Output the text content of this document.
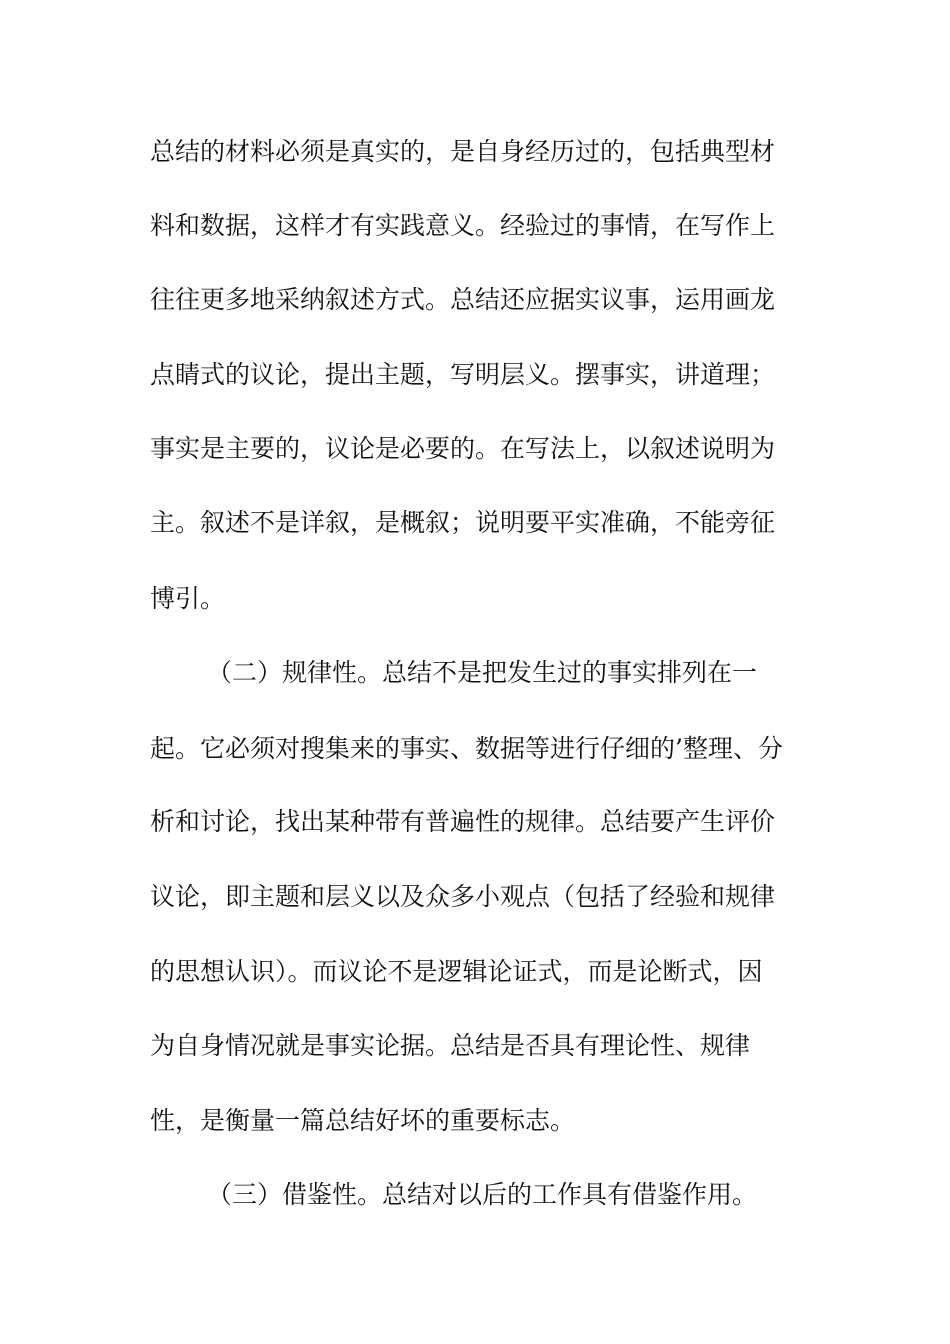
总结的材料必须是真实的，是自身经历过的，包括典型材
料和数据，这样才有实践意义。经验过的事情，在写作上
往往更多地采纳叙述方式。总结还应据实议事，运用画龙
点睛式的议论，提出主题，写明层义。摆事实，讲道理；
事实是主要的，议论是必要的。在写法上，以叙述说明为
主。叙述不是详叙，是概叙；说明要平实准确，不能旁征
博引。
（二）规律性。总结不是把发生过的事实排列在一
起。它必须对搜集来的事实、数据等进行仔细的’整理、分
析和讨论，找出某种带有普遍性的规律。总结要产生评价
议论，即主题和层义以及众多小观点（包括了经验和规律
的思想认识）。而议论不是逻辑论证式，而是论断式，因
为自身情况就是事实论据。总结是否具有理论性、规律
性，是衡量一篇总结好坏的重要标志。
（三）借鉴性。总结对以后的工作具有借鉴作用。
